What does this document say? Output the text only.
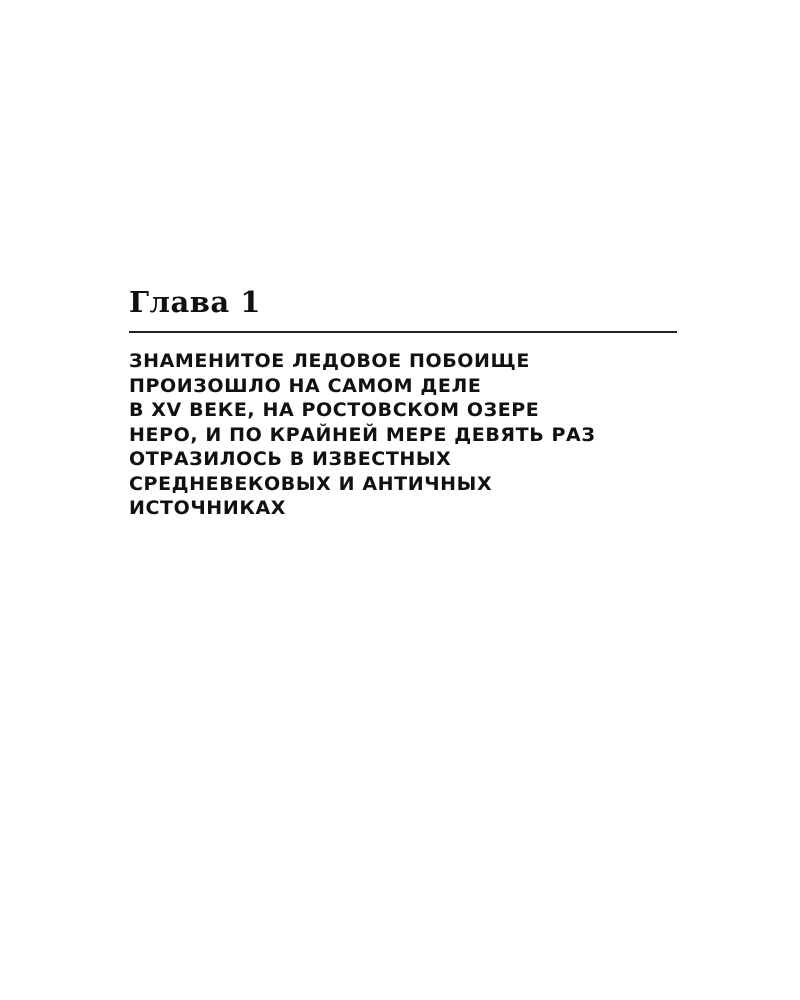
Глава 1
ЗНАМЕНИТОЕ ЛЕДОВОЕ ПОБОИЩЕ
ПРОИЗОШЛО НА САМОМ ДЕЛЕ
В XV ВЕКЕ, НА РОСТОВСКОМ ОЗЕРЕ
НЕРО, И ПО КРАЙНЕЙ МЕРЕ ДЕВЯТЬ РАЗ
ОТРАЗИЛОСЬ В ИЗВЕСТНЫХ
СРЕДНЕВЕКОВЫХ И АНТИЧНЫХ
ИСТОЧНИКАХ
